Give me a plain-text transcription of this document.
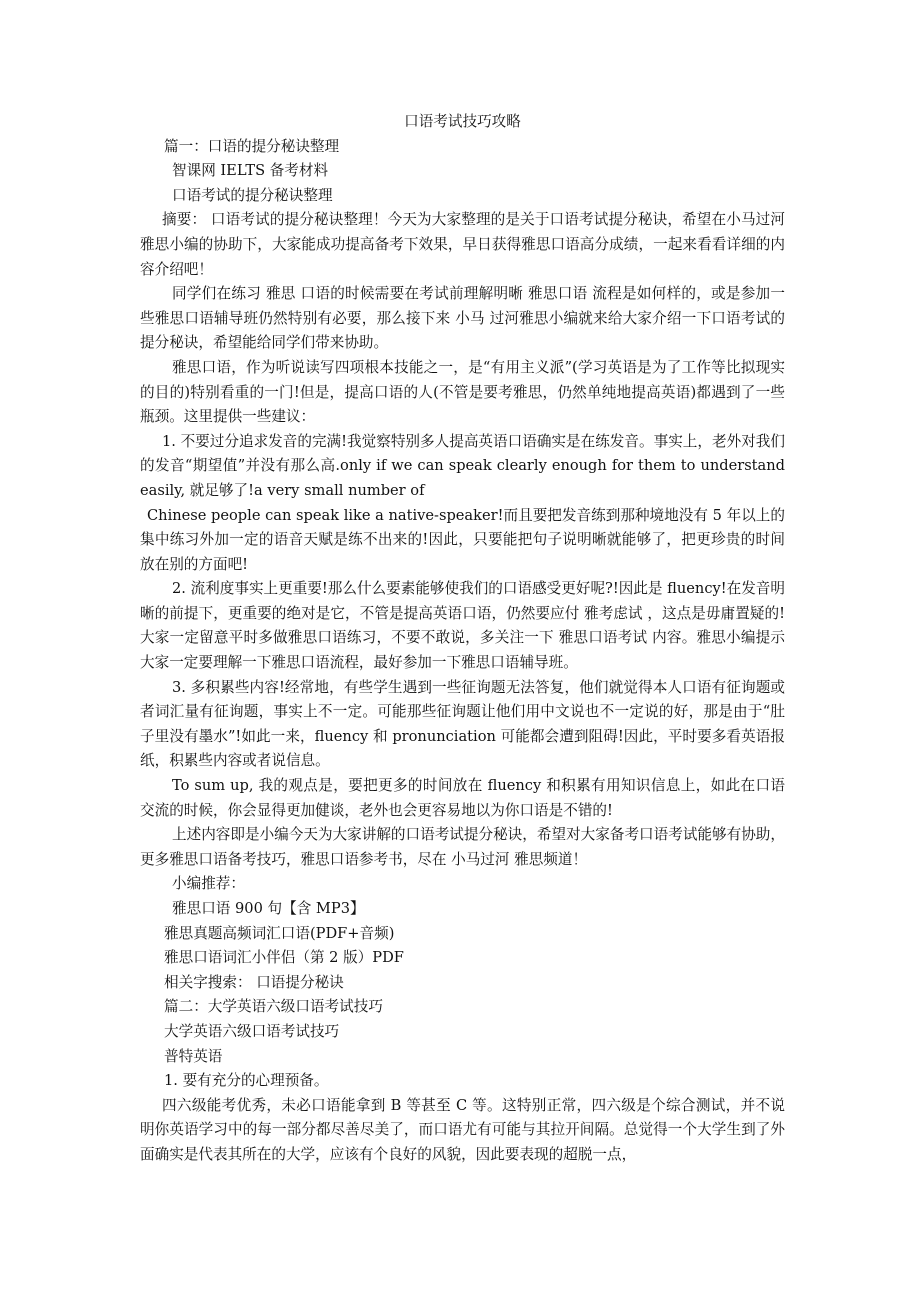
口语考试技巧攻略

篇一：口语的提分秘诀整理

智课网 IELTS 备考材料

口语考试的提分秘诀整理

摘要： 口语考试的提分秘诀整理！今天为大家整理的是关于口语考试提分秘诀，希望在小马过河雅思小编的协助下，大家能成功提高备考下效果，早日获得雅思口语高分成绩，一起来看看详细的内容介绍吧！

同学们在练习 雅思 口语的时候需要在考试前理解明晰 雅思口语 流程是如何样的，或是参加一些雅思口语辅导班仍然特别有必要，那么接下来 小马 过河雅思小编就来给大家介绍一下口语考试的提分秘诀，希望能给同学们带来协助。

雅思口语，作为听说读写四项根本技能之一，是“有用主义派”(学习英语是为了工作等比拟现实的目的)特别看重的一门!但是，提高口语的人(不管是要考雅思，仍然单纯地提高英语)都遇到了一些瓶颈。这里提供一些建议：

1. 不要过分追求发音的完满!我觉察特别多人提高英语口语确实是在练发音。事实上，老外对我们的发音“期望值”并没有那么高.only if we can speak clearly enough for them to understand easily, 就足够了!a very small number of

Chinese people can speak like a native-speaker!而且要把发音练到那种境地没有 5 年以上的集中练习外加一定的语音天赋是练不出来的!因此，只要能把句子说明晰就能够了，把更珍贵的时间放在别的方面吧!

2. 流利度事实上更重要!那么什么要素能够使我们的口语感受更好呢?!因此是 fluency!在发音明晰的前提下，更重要的绝对是它，不管是提高英语口语，仍然要应付 雅考虑试 ，这点是毋庸置疑的!大家一定留意平时多做雅思口语练习，不要不敢说，多关注一下 雅思口语考试 内容。雅思小编提示大家一定要理解一下雅思口语流程，最好参加一下雅思口语辅导班。

3. 多积累些内容!经常地，有些学生遇到一些征询题无法答复，他们就觉得本人口语有征询题或者词汇量有征询题，事实上不一定。可能那些征询题让他们用中文说也不一定说的好，那是由于“肚子里没有墨水”!如此一来，fluency 和 pronunciation 可能都会遭到阻碍!因此，平时要多看英语报纸，积累些内容或者说信息。

To sum up, 我的观点是，要把更多的时间放在 fluency 和积累有用知识信息上，如此在口语交流的时候，你会显得更加健谈，老外也会更容易地以为你口语是不错的!

上述内容即是小编今天为大家讲解的口语考试提分秘诀，希望对大家备考口语考试能够有协助，更多雅思口语备考技巧，雅思口语参考书，尽在 小马过河 雅思频道！

小编推荐：

雅思口语 900 句【含 MP3】

雅思真题高频词汇口语(PDF+音频)

雅思口语词汇小伴侣（第 2 版）PDF

相关字搜索： 口语提分秘诀

篇二：大学英语六级口语考试技巧

大学英语六级口语考试技巧

普特英语

1. 要有充分的心理预备。

四六级能考优秀，未必口语能拿到 B 等甚至 C 等。这特别正常，四六级是个综合测试，并不说明你英语学习中的每一部分都尽善尽美了，而口语尤有可能与其拉开间隔。总觉得一个大学生到了外面确实是代表其所在的大学，应该有个良好的风貌，因此要表现的超脱一点，
